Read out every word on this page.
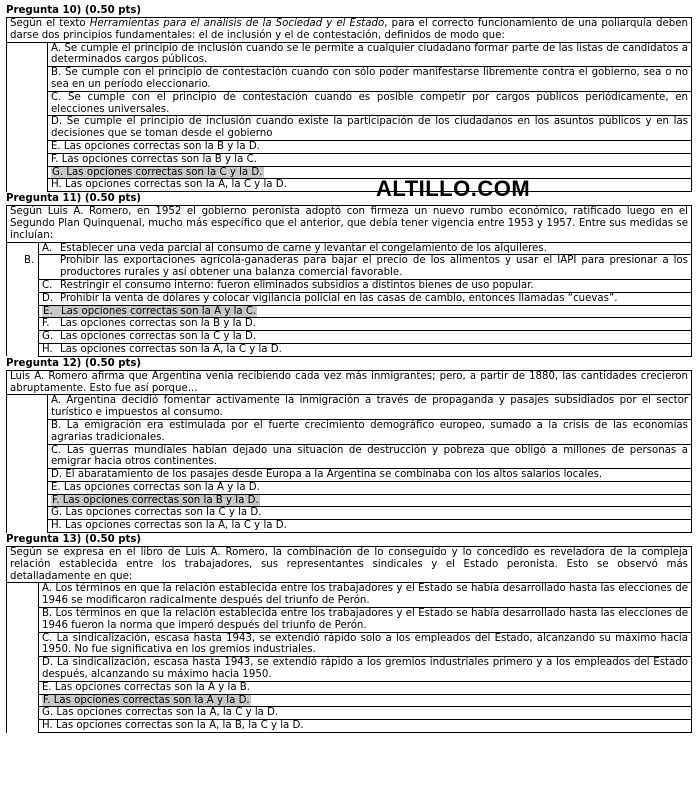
Pregunta 10) (0.50 pts)
Según el texto Herramientas para el análisis de la Sociedad y el Estado, para el correcto funcionamiento de una poliarquía deben darse dos principios fundamentales: el de inclusión y el de contestación, definidos de modo que:
	A. Se cumple el principio de inclusión cuando se le permite a cualquier ciudadano formar parte de las listas de candidatos a determinados cargos públicos.
B. Se cumple con el principio de contestación cuando con sólo poder manifestarse libremente contra el gobierno, sea o no sea en un período eleccionario.
C. Se cumple con el principio de contestación cuando es posible competir por cargos públicos periódicamente, en elecciones universales.
D. Se cumple el principio de inclusión cuando existe la participación de los ciudadanos en los asuntos públicos y en las decisiones que se toman desde el gobierno
E. Las opciones correctas son la B y la D.
F. Las opciones correctas son la B y la C.
G. Las opciones correctas son la C y la D.
H. Las opciones correctas son la A, la C y la D.
Pregunta 11) (0.50 pts)
Según Luis A. Romero, en 1952 el gobierno peronista adoptó con firmeza un nuevo rumbo económico, ratificado luego en el Segundo Plan Quinquenal, mucho más específico que el anterior, que debía tener vigencia entre 1953 y 1957. Entre sus medidas se incluían:
	A. Establecer una veda parcial al consumo de carne y levantar el congelamiento de los alquileres.
B.	Prohibir las exportaciones agrícola-ganaderas para bajar el precio de los alimentos y usar el IAPI para presionar a los productores rurales y así obtener una balanza comercial favorable.
C. Restringir el consumo interno: fueron eliminados subsidios a distintos bienes de uso popular.
D. Prohibir la venta de dólares y colocar vigilancia policial en las casas de cambio, entonces llamadas “cuevas”.
E. Las opciones correctas son la A y la C.
F. Las opciones correctas son la B y la D.
G. Las opciones correctas son la C y la D.
H. Las opciones correctas son la A, la C y la D.
Pregunta 12) (0.50 pts)
Luis A. Romero afirma que Argentina venía recibiendo cada vez más inmigrantes; pero, a partir de 1880, las cantidades crecieron abruptamente. Esto fue así porque...
	A. Argentina decidió fomentar activamente la inmigración a través de propaganda y pasajes subsidiados por el sector turístico e impuestos al consumo.
B. La emigración era estimulada por el fuerte crecimiento demográfico europeo, sumado a la crisis de las economías agrarias tradicionales.
C. Las guerras mundiales habían dejado una situación de destrucción y pobreza que obligó a millones de personas a emigrar hacia otros continentes.
D. El abaratamiento de los pasajes desde Europa a la Argentina se combinaba con los altos salarios locales.
E. Las opciones correctas son la A y la D.
F. Las opciones correctas son la B y la D.
G. Las opciones correctas son la C y la D.
H. Las opciones correctas son la A, la C y la D.
Pregunta 13) (0.50 pts)
Según se expresa en el libro de Luis A. Romero, la combinación de lo conseguido y lo concedido es reveladora de la compleja relación establecida entre los trabajadores, sus representantes sindicales y el Estado peronista. Esto se observó más detalladamente en que:
	A. Los términos en que la relación establecida entre los trabajadores y el Estado se había desarrollado hasta las elecciones de 1946 se modificaron radicalmente después del triunfo de Perón.
B. Los términos en que la relación establecida entre los trabajadores y el Estado se había desarrollado hasta las elecciones de 1946 fueron la norma que imperó después del triunfo de Perón.
C. La sindicalización, escasa hasta 1943, se extendió rápido solo a los empleados del Estado, alcanzando su máximo hacia 1950. No fue significativa en los gremios industriales.
D. La sindicalización, escasa hasta 1943, se extendió rápido a los gremios industriales primero y a los empleados del Estado después, alcanzando su máximo hacia 1950.
E. Las opciones correctas son la A y la B.
F. Las opciones correctas son la A y la D.
G. Las opciones correctas son la A, la C y la D.
H. Las opciones correctas son la A, la B, la C y la D.
ALTILLO.COM
